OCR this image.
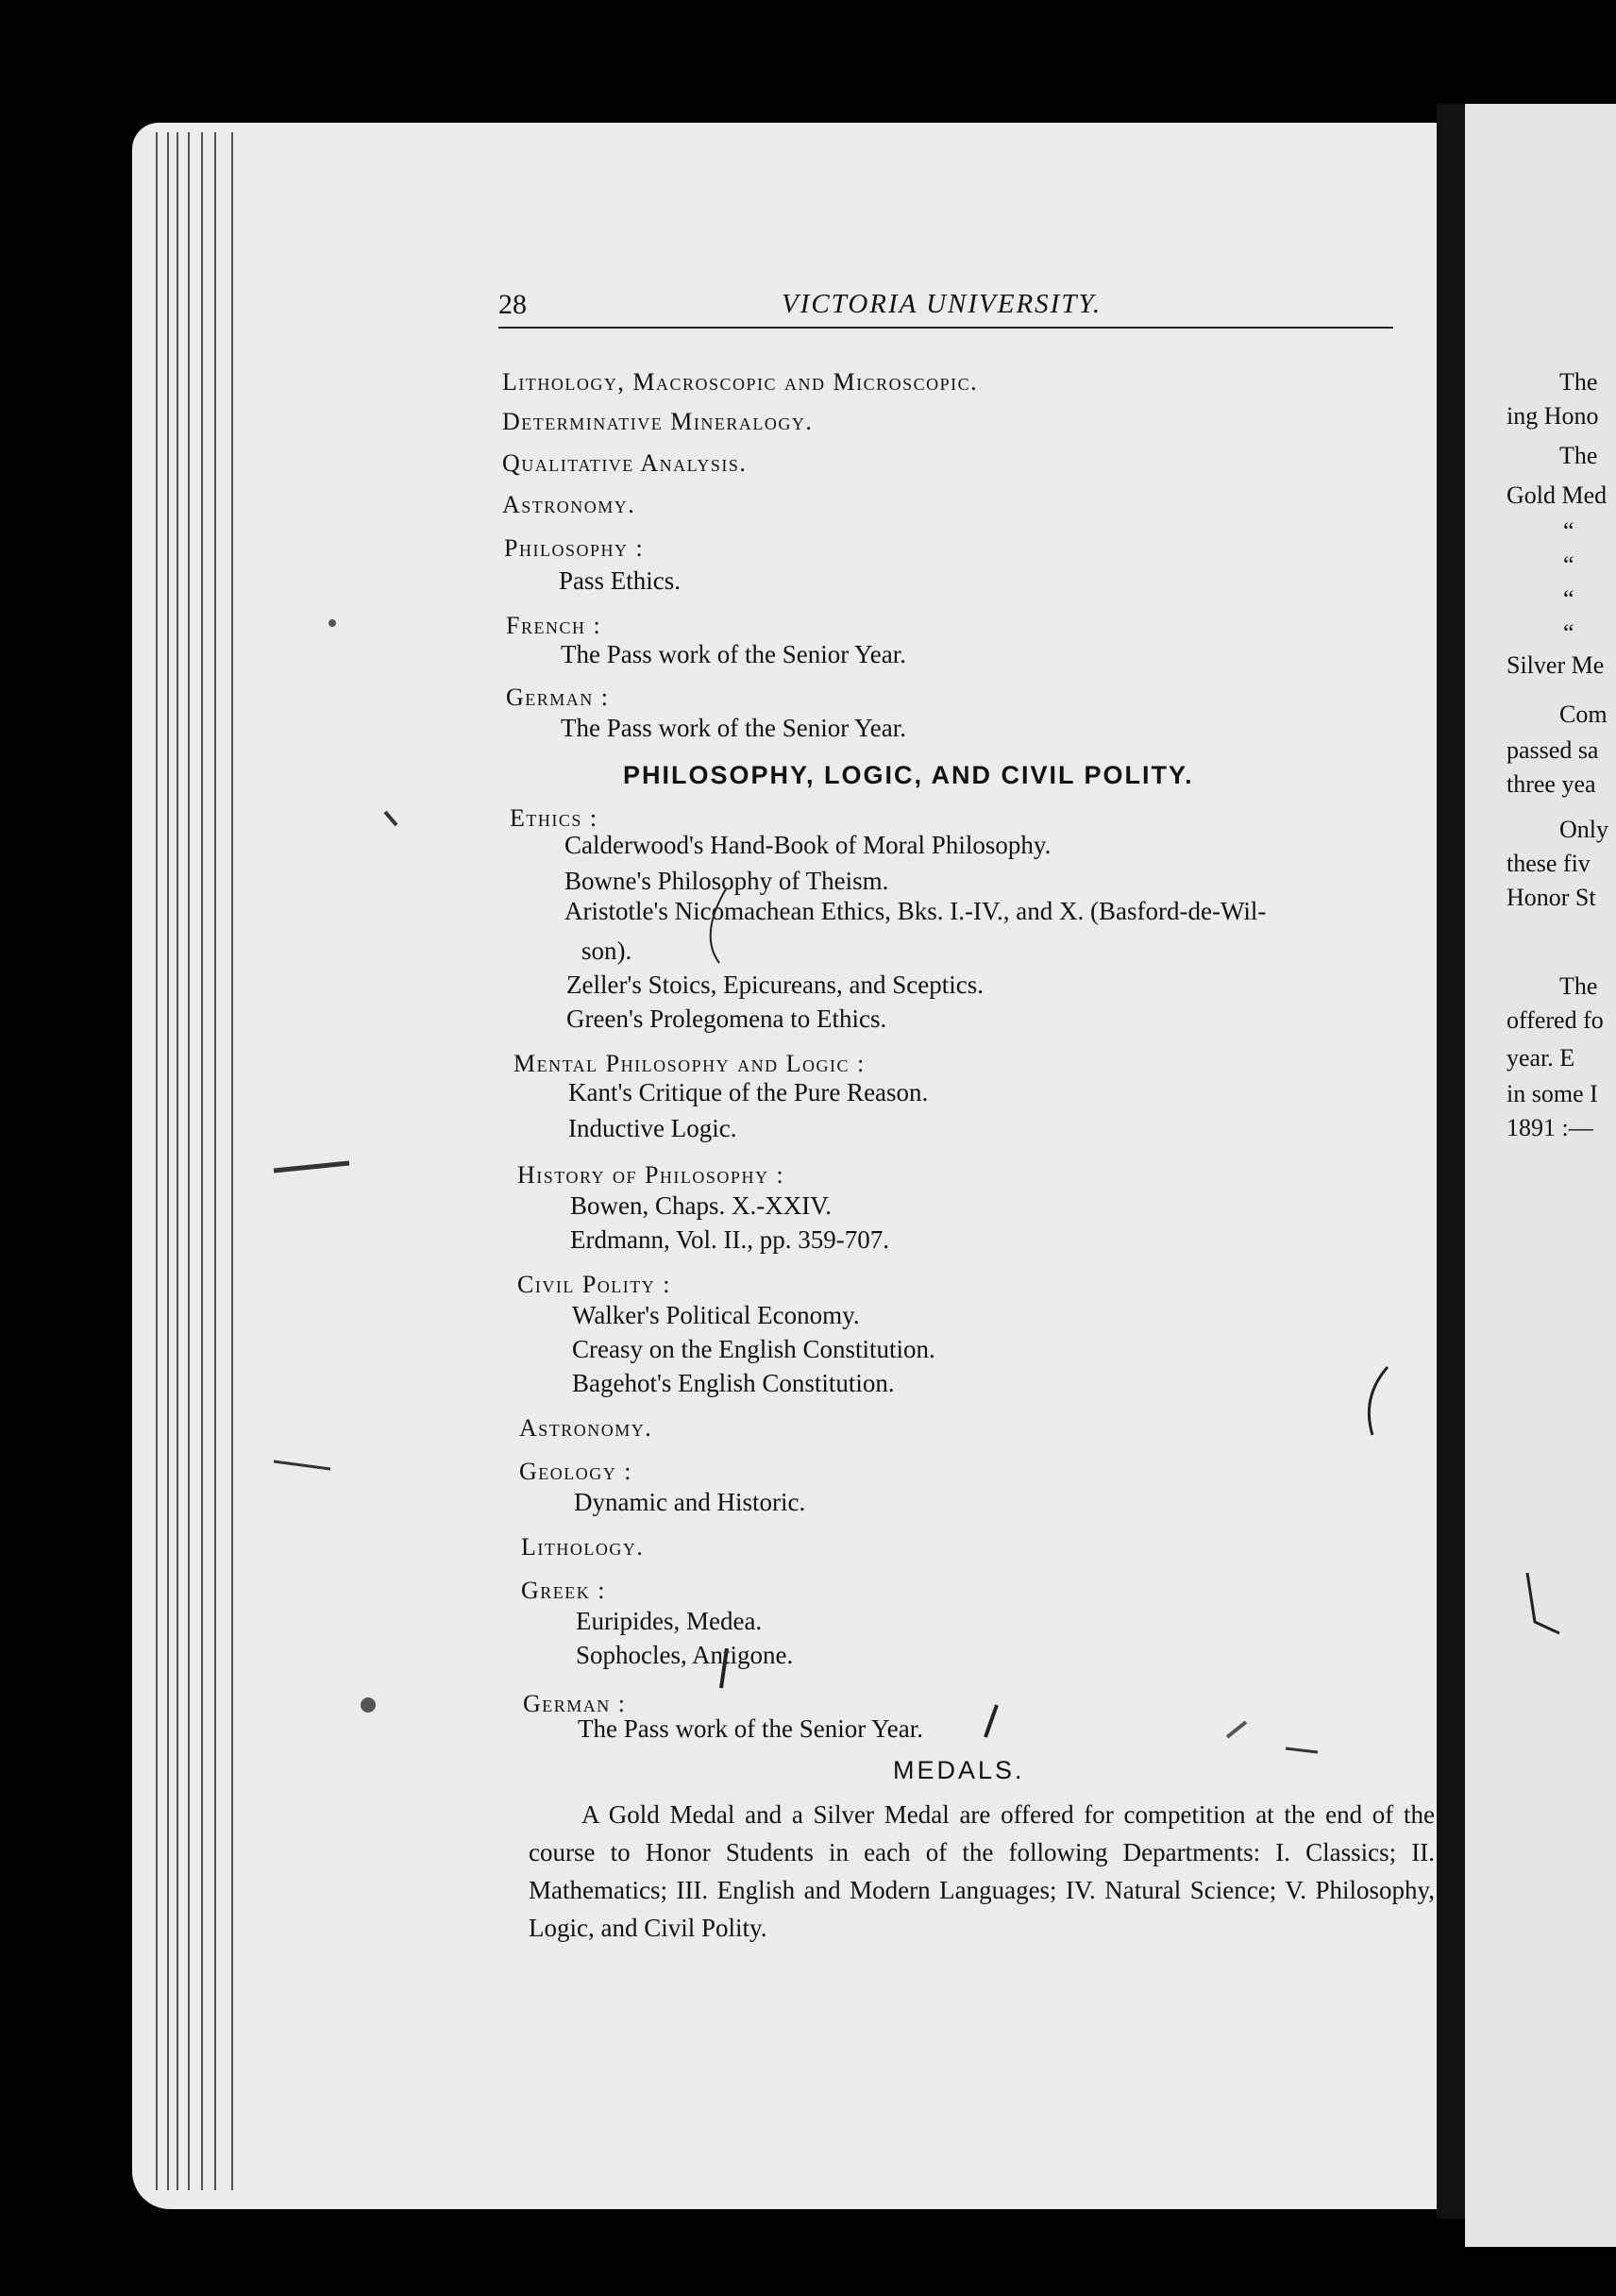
28	VICTORIA UNIVERSITY.
Lithology, Macroscopic and Microscopic.
Determinative Mineralogy.
Qualitative Analysis.
Astronomy.
Philosophy :
Pass Ethics.
French :
The Pass work of the Senior Year.
German :
The Pass work of the Senior Year.
PHILOSOPHY, LOGIC, AND CIVIL POLITY.
Ethics :
Calderwood's Hand-Book of Moral Philosophy.
Bowne's Philosophy of Theism.
Aristotle's Nicomachean Ethics, Bks. I.-IV., and X. (Basford-de-Wil-
son).
Zeller's Stoics, Epicureans, and Sceptics.
Green's Prolegomena to Ethics.
Mental Philosophy and Logic :
Kant's Critique of the Pure Reason.
Inductive Logic.
History of Philosophy :
Bowen, Chaps. X.-XXIV.
Erdmann, Vol. II., pp. 359-707.
Civil Polity :
Walker's Political Economy.
Creasy on the English Constitution.
Bagehot's English Constitution.
Astronomy.
Geology :
Dynamic and Historic.
Lithology.
Greek :
Euripides, Medea.
Sophocles, Antigone.
German :
The Pass work of the Senior Year.
MEDALS.
A Gold Medal and a Silver Medal are offered for competition at the end of the course to Honor Students in each of the following Departments: I. Classics; II. Mathematics; III. English and Modern Languages; IV. Natural Science; V. Philosophy, Logic, and Civil Polity.
The
ing Hono
The
Gold Med
“
“
“
“
Silver Me
Com
passed sa
three yea
Only
these fiv
Honor St
The
offered fo
year. E
in some I
1891 :—
